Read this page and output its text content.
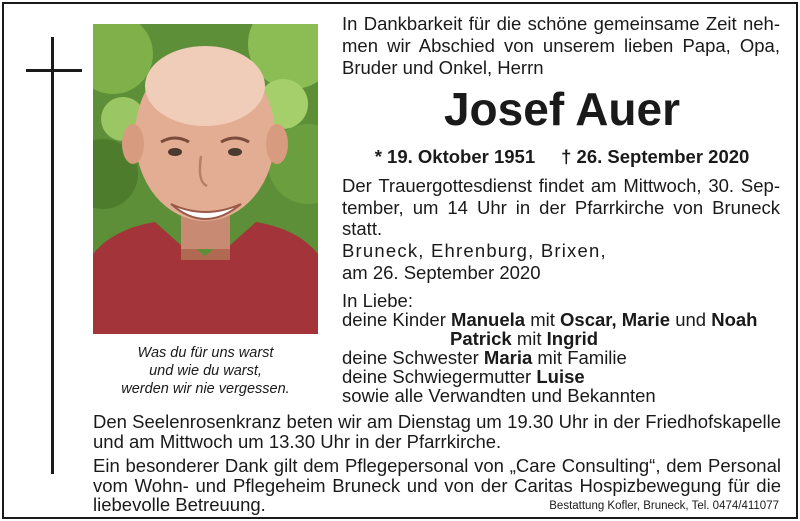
Was du für uns warst
und wie du warst,
werden wir nie vergessen.
In Dankbarkeit für die schöne gemeinsame Zeit neh-
men wir Abschied von unserem lieben Papa, Opa,
Bruder und Onkel, Herrn
Josef Auer
* 19. Oktober 1951 † 26. September 2020
Der Trauergottesdienst findet am Mittwoch, 30. Sep-
tember, um 14 Uhr in der Pfarrkirche von Bruneck
statt.
Bruneck, Ehrenburg, Brixen,
am 26. September 2020
In Liebe:
deine Kinder Manuela mit Oscar, Marie und Noah
Patrick mit Ingrid
deine Schwester Maria mit Familie
deine Schwiegermutter Luise
sowie alle Verwandten und Bekannten
Den Seelenrosenkranz beten wir am Dienstag um 19.30 Uhr in der Friedhofskapelle
und am Mittwoch um 13.30 Uhr in der Pfarrkirche.
Ein besonderer Dank gilt dem Pflegepersonal von „Care Consulting“, dem Personal
vom Wohn- und Pflegeheim Bruneck und von der Caritas Hospizbewegung für die
liebevolle Betreuung.	Bestattung Kofler, Bruneck, Tel. 0474/411077
